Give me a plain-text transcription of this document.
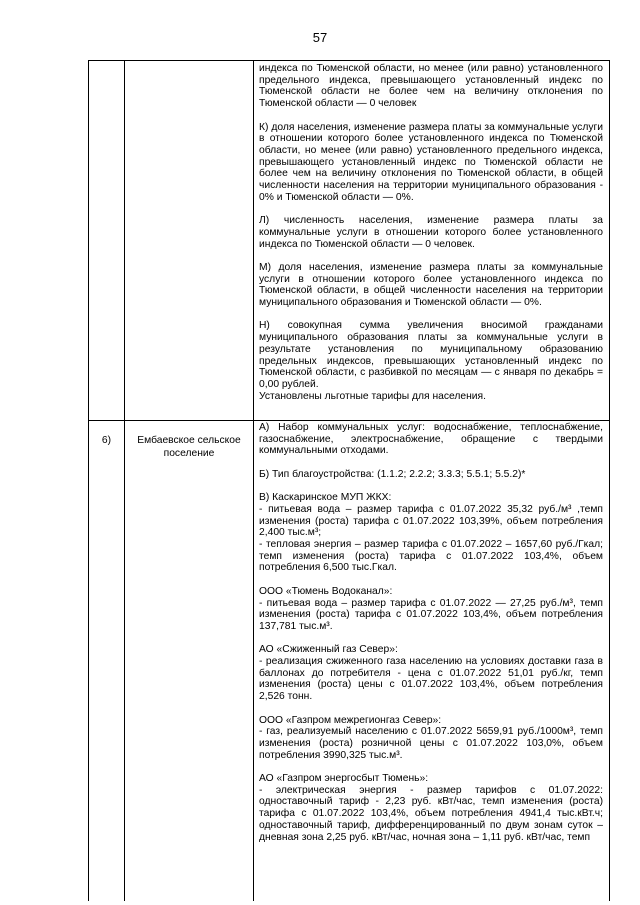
57

индекса по Тюменской области, но менее (или равно) установленного предельного индекса, превышающего установленный индекс по Тюменской области не более чем на величину отклонения по Тюменской области — 0 человек

К) доля населения, изменение размера платы за коммунальные услуги в отношении которого более установленного индекса по Тюменской области, но менее (или равно) установленного предельного индекса, превышающего установленный индекс по Тюменской области не более чем на величину отклонения по Тюменской области, в общей численности населения на территории муниципального образования - 0% и Тюменской области — 0%.

Л) численность населения, изменение размера платы за коммунальные услуги в отношении которого более установленного индекса по Тюменской области — 0 человек.

М) доля населения, изменение размера платы за коммунальные услуги в отношении которого более установленного индекса по Тюменской области, в общей численности населения на территории муниципального образования и Тюменской области — 0%.

Н) совокупная сумма увеличения вносимой гражданами муниципального образования платы за коммунальные услуги в результате установления по муниципальному образованию предельных индексов, превышающих установленный индекс по Тюменской области, с разбивкой по месяцам — с января по декабрь = 0,00 рублей.

Установлены льготные тарифы для населения.

6)	Ембаевское сельское поселение

А) Набор коммунальных услуг: водоснабжение, теплоснабжение, газоснабжение, электроснабжение, обращение с твердыми коммунальными отходами.

Б) Тип благоустройства: (1.1.2; 2.2.2; 3.3.3; 5.5.1; 5.5.2)*

В) Каскаринское МУП ЖКХ:
- питьевая вода – размер тарифа с 01.07.2022 35,32 руб./м³ ,темп изменения (роста) тарифа с 01.07.2022 103,39%, объем потребления 2,400 тыс.м³;

- тепловая энергия – размер тарифа с 01.07.2022 – 1657,60 руб./Гкал; темп изменения (роста) тарифа с 01.07.2022 103,4%, объем потребления 6,500 тыс.Гкал.

ООО «Тюмень Водоканал»:

- питьевая вода – размер тарифа с 01.07.2022 — 27,25 руб./м³, темп изменения (роста) тарифа с 01.07.2022 103,4%, объем потребления 137,781 тыс.м³.

АО «Сжиженный газ Север»:

- реализация сжиженного газа населению на условиях доставки газа в баллонах до потребителя - цена с 01.07.2022 51,01 руб./кг, темп изменения (роста) цены с 01.07.2022 103,4%, объем потребления 2,526 тонн.

ООО «Газпром межрегионгаз Север»:

- газ, реализуемый населению с 01.07.2022 5659,91 руб./1000м³, темп изменения (роста) розничной цены с 01.07.2022 103,0%, объем потребления 3990,325 тыс.м³.

АО «Газпром энергосбыт Тюмень»:
- электрическая энергия - размер тарифов с 01.07.2022: одноставочный тариф - 2,23 руб. кВт/час, темп изменения (роста) тарифа с 01.07.2022 103,4%, объем потребления 4941,4 тыс.кВт.ч; одноставочный тариф, дифференцированный по двум зонам суток – дневная зона 2,25 руб. кВт/час, ночная зона – 1,11 руб. кВт/час, темп
